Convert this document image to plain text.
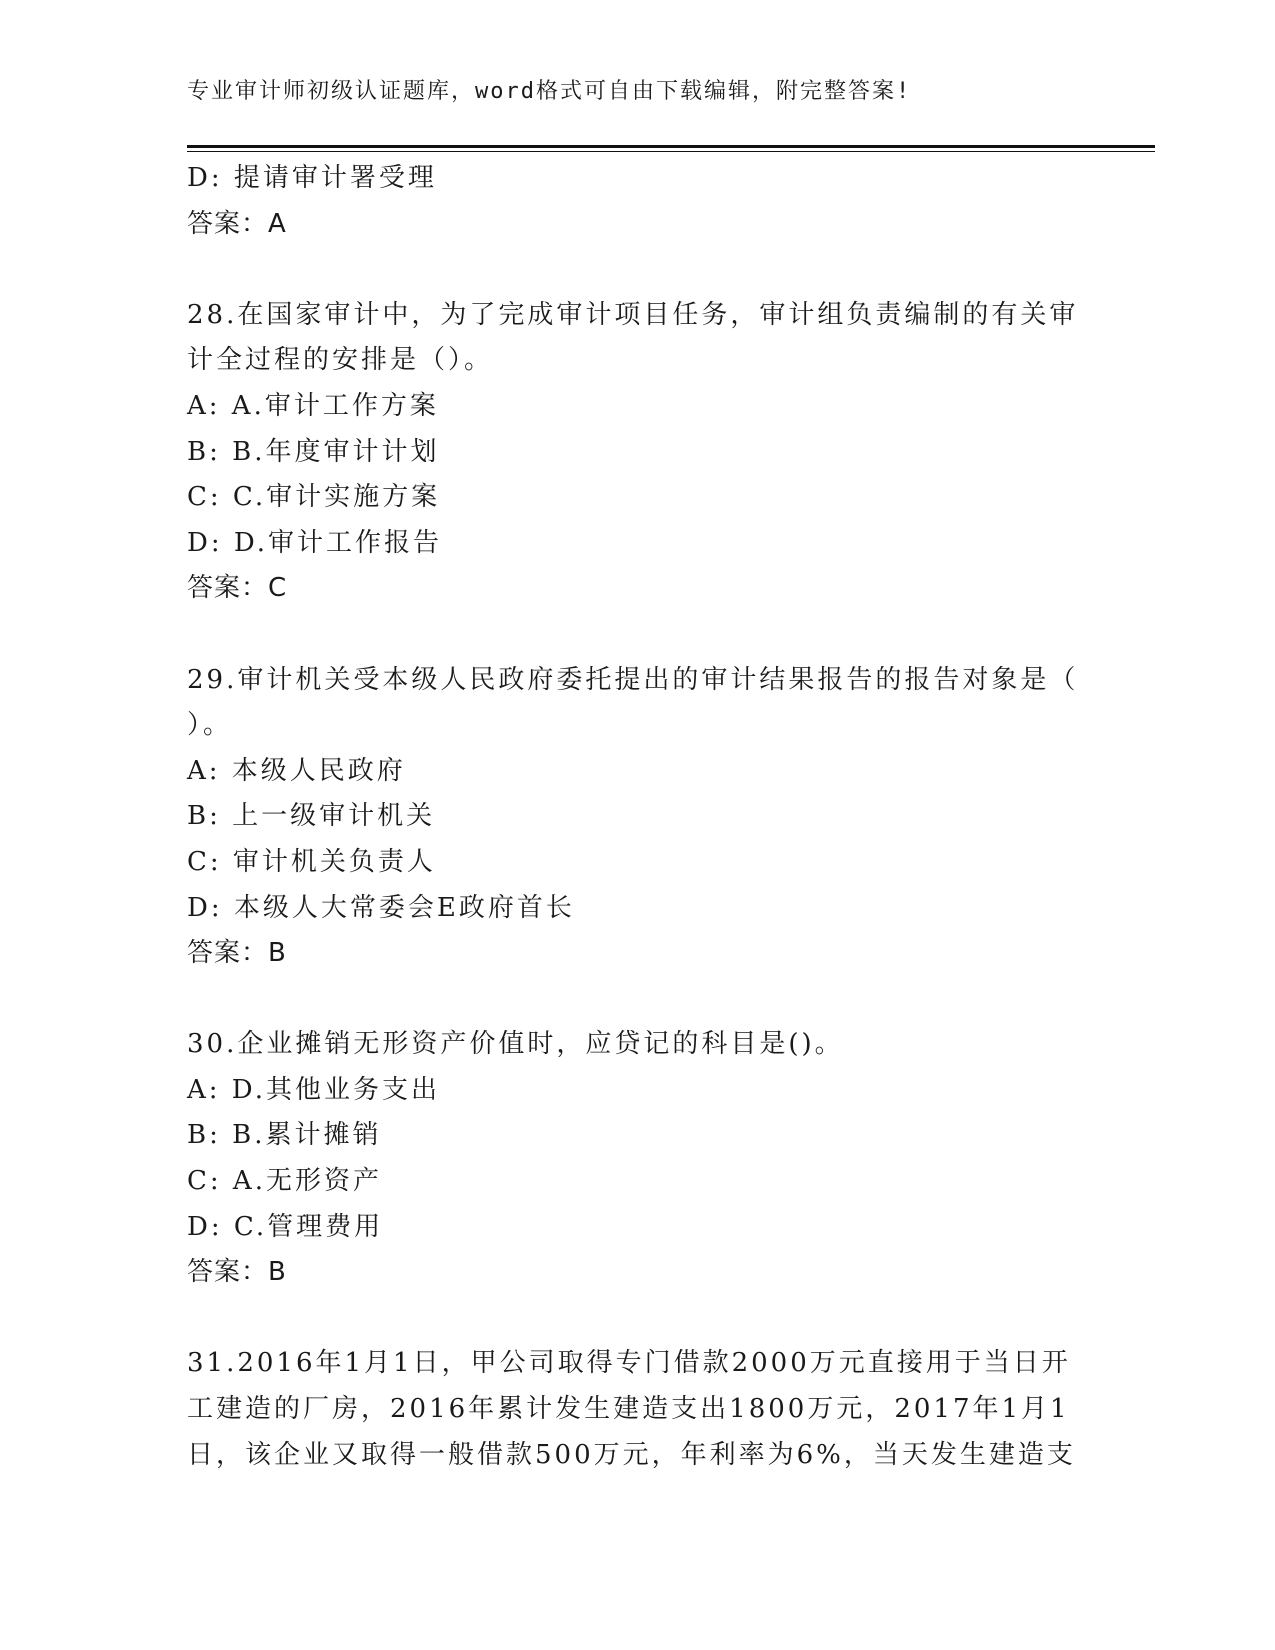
专业审计师初级认证题库，word格式可自由下载编辑，附完整答案!
D: 提请审计署受理
答案：A
28.在国家审计中，为了完成审计项目任务，审计组负责编制的有关审
计全过程的安排是（）。
A: A.审计工作方案
B: B.年度审计计划
C: C.审计实施方案
D: D.审计工作报告
答案：C
29.审计机关受本级人民政府委托提出的审计结果报告的报告对象是（
）。
A: 本级人民政府
B: 上一级审计机关
C: 审计机关负责人
D: 本级人大常委会E政府首长
答案：B
30.企业摊销无形资产价值时，应贷记的科目是()。
A: D.其他业务支出
B: B.累计摊销
C: A.无形资产
D: C.管理费用
答案：B
31.2016年1月1日，甲公司取得专门借款2000万元直接用于当日开
工建造的厂房，2016年累计发生建造支出1800万元，2017年1月1
日，该企业又取得一般借款500万元，年利率为6%，当天发生建造支
